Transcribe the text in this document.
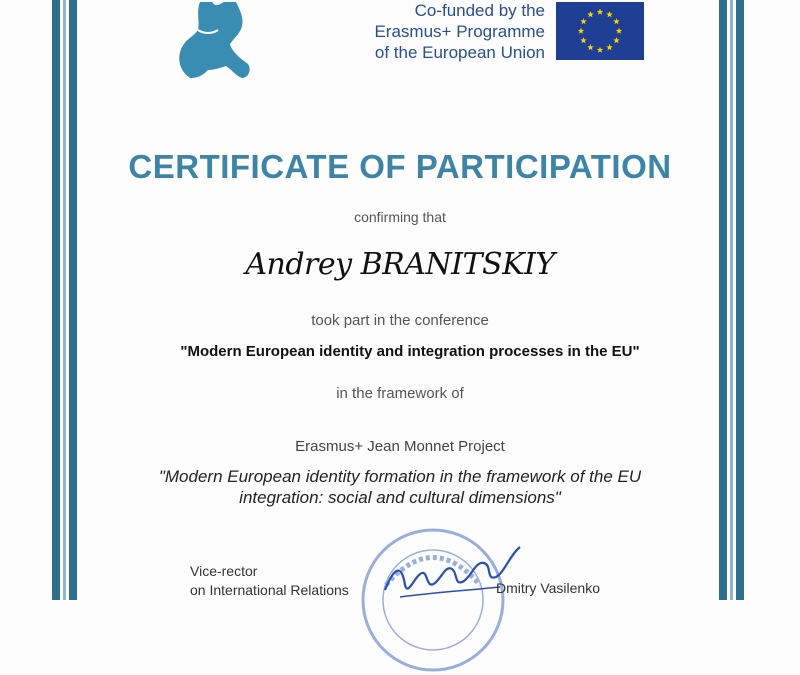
Co-funded by the
Erasmus+ Programme
of the European Union
CERTIFICATE OF PARTICIPATION
confirming that
Andrey BRANITSKIY
took part in the conference
"Modern European identity and integration processes in the EU"
in the framework of
Erasmus+ Jean Monnet Project
"Modern European identity formation in the framework of the EU
integration: social and cultural dimensions"
Vice-rector
on International Relations	Dmitry Vasilenko
